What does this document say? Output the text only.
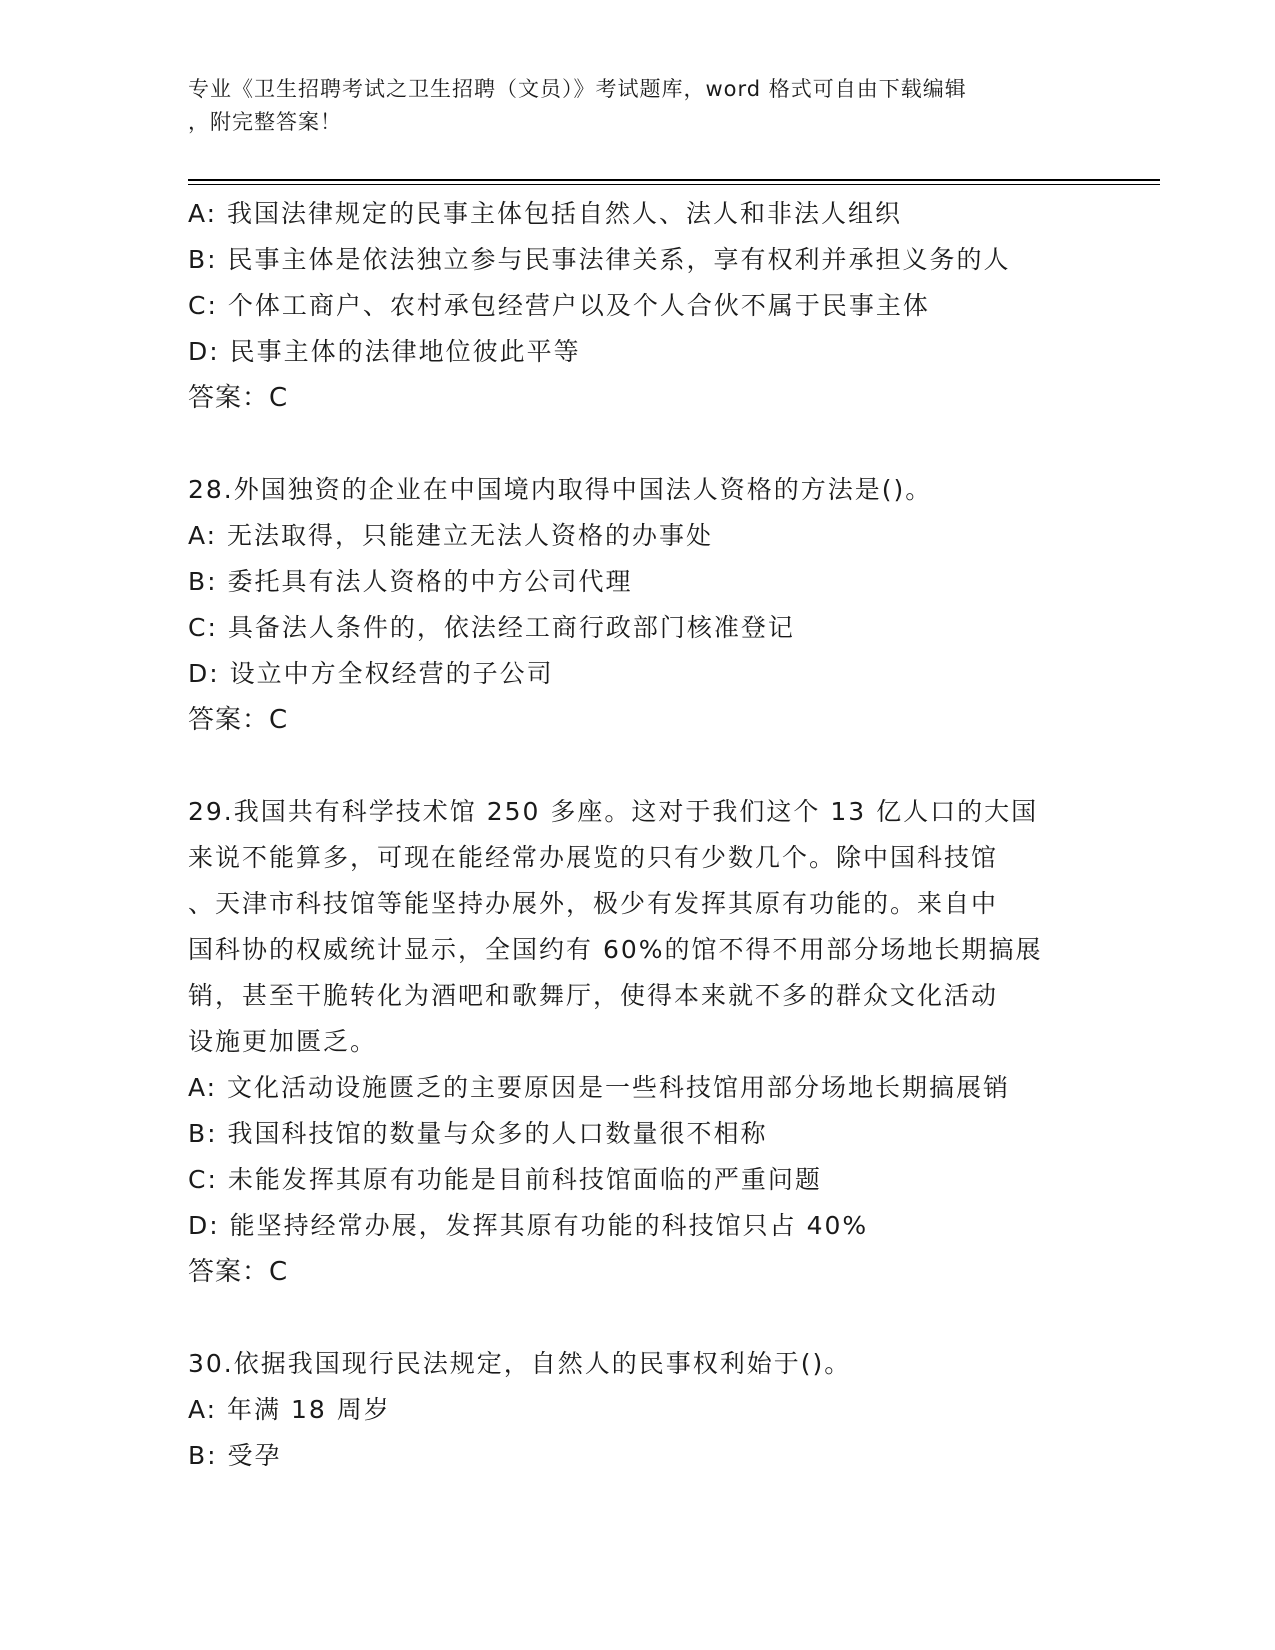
专业《卫生招聘考试之卫生招聘（文员）》考试题库，word 格式可自由下载编辑
，附完整答案！
A: 我国法律规定的民事主体包括自然人、法人和非法人组织
B: 民事主体是依法独立参与民事法律关系，享有权利并承担义务的人
C: 个体工商户、农村承包经营户以及个人合伙不属于民事主体
D: 民事主体的法律地位彼此平等
答案：C
28.外国独资的企业在中国境内取得中国法人资格的方法是()。
A: 无法取得，只能建立无法人资格的办事处
B: 委托具有法人资格的中方公司代理
C: 具备法人条件的，依法经工商行政部门核准登记
D: 设立中方全权经营的子公司
答案：C
29.我国共有科学技术馆 250 多座。这对于我们这个 13 亿人口的大国
来说不能算多，可现在能经常办展览的只有少数几个。除中国科技馆
、天津市科技馆等能坚持办展外，极少有发挥其原有功能的。来自中
国科协的权威统计显示，全国约有 60%的馆不得不用部分场地长期搞展
销，甚至干脆转化为酒吧和歌舞厅，使得本来就不多的群众文化活动
设施更加匮乏。
A: 文化活动设施匮乏的主要原因是一些科技馆用部分场地长期搞展销
B: 我国科技馆的数量与众多的人口数量很不相称
C: 未能发挥其原有功能是目前科技馆面临的严重问题
D: 能坚持经常办展，发挥其原有功能的科技馆只占 40%
答案：C
30.依据我国现行民法规定，自然人的民事权利始于()。
A: 年满 18 周岁
B: 受孕
